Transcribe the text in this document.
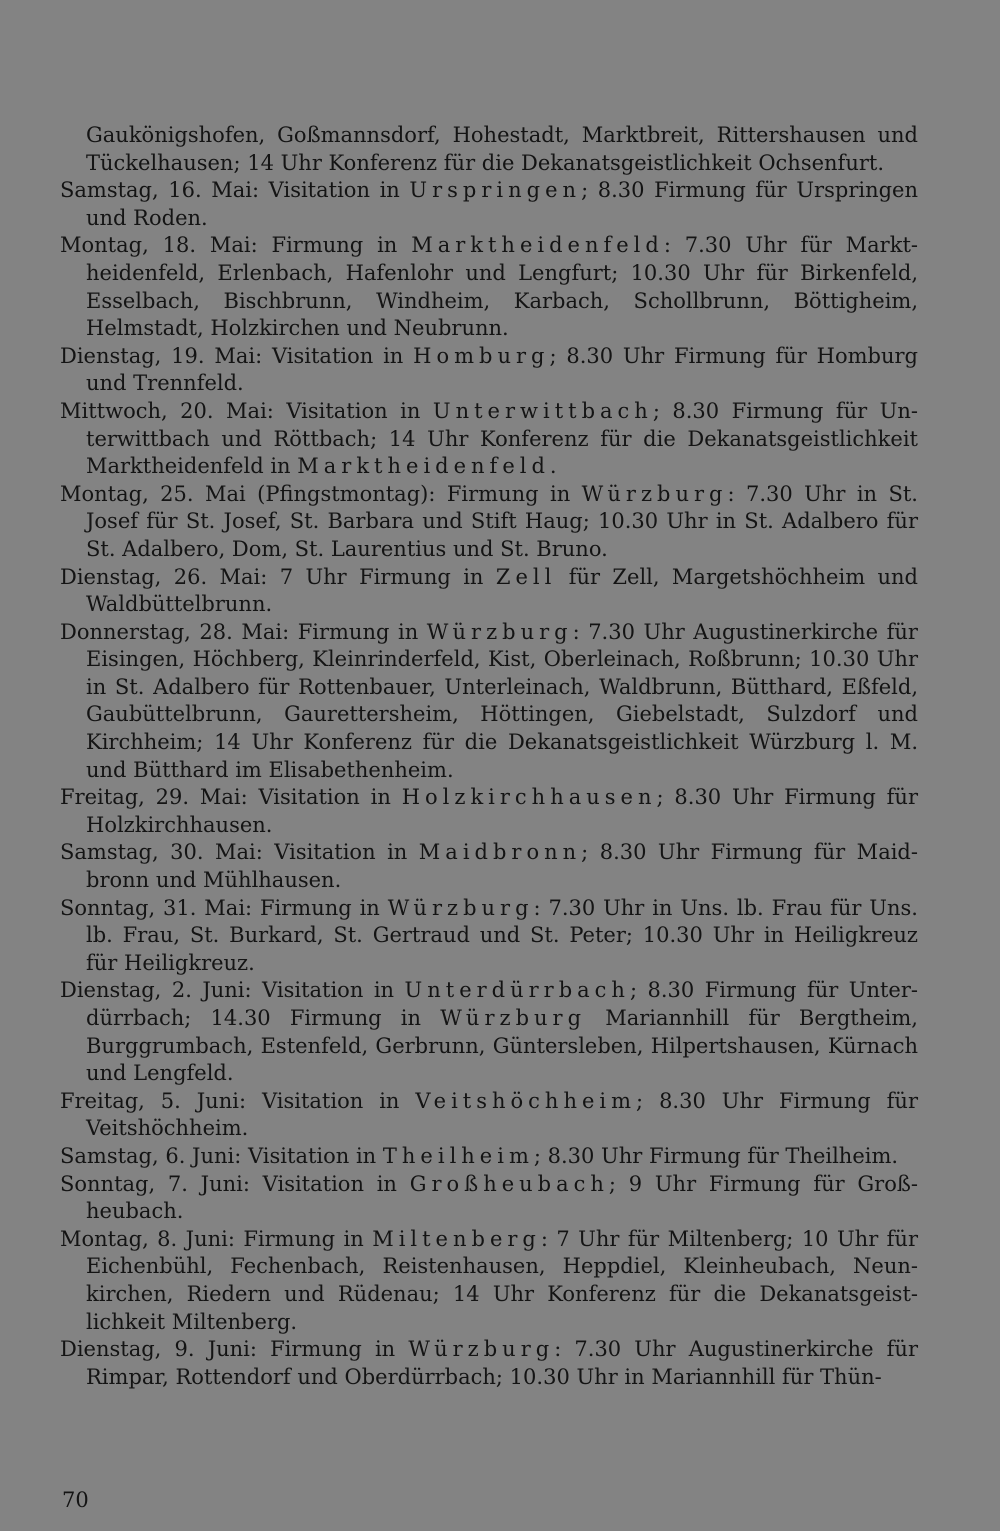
Gaukönigshofen, Goßmannsdorf, Hohestadt, Marktbreit, Rittershausen und Tückelhausen; 14 Uhr Konferenz für die Dekanatsgeistlichkeit Ochsenfurt.

Samstag, 16. Mai: Visitation in Urspringen; 8.30 Firmung für Urspringen und Roden.

Montag, 18. Mai: Firmung in Marktheidenfeld: 7.30 Uhr für Marktheidenfeld, Erlenbach, Hafenlohr und Lengfurt; 10.30 Uhr für Birkenfeld, Esselbach, Bischbrunn, Windheim, Karbach, Schollbrunn, Böttigheim, Helmstadt, Holzkirchen und Neubrunn.

Dienstag, 19. Mai: Visitation in Homburg; 8.30 Uhr Firmung für Homburg und Trennfeld.

Mittwoch, 20. Mai: Visitation in Unterwittbach; 8.30 Firmung für Unterwittbach und Röttbach; 14 Uhr Konferenz für die Dekanatsgeistlichkeit Marktheidenfeld in Marktheidenfeld.

Montag, 25. Mai (Pfingstmontag): Firmung in Würzburg: 7.30 Uhr in St. Josef für St. Josef, St. Barbara und Stift Haug; 10.30 Uhr in St. Adalbero für St. Adalbero, Dom, St. Laurentius und St. Bruno.

Dienstag, 26. Mai: 7 Uhr Firmung in Zell für Zell, Margetshöchheim und Waldbüttelbrunn.

Donnerstag, 28. Mai: Firmung in Würzburg: 7.30 Uhr Augustinerkirche für Eisingen, Höchberg, Kleinrinderfeld, Kist, Oberleinach, Roßbrunn; 10.30 Uhr in St. Adalbero für Rottenbauer, Unterleinach, Waldbrunn, Bütthard, Eßfeld, Gaubüttelbrunn, Gaurettersheim, Höttingen, Giebelstadt, Sulzdorf und Kirchheim; 14 Uhr Konferenz für die Dekanatsgeistlichkeit Würzburg l. M. und Bütthard im Elisabethenheim.

Freitag, 29. Mai: Visitation in Holzkirchhausen; 8.30 Uhr Firmung für Holzkirchhausen.

Samstag, 30. Mai: Visitation in Maidbronn; 8.30 Uhr Firmung für Maidbronn und Mühlhausen.

Sonntag, 31. Mai: Firmung in Würzburg: 7.30 Uhr in Uns. lb. Frau für Uns. lb. Frau, St. Burkard, St. Gertraud und St. Peter; 10.30 Uhr in Heiligkreuz für Heiligkreuz.

Dienstag, 2. Juni: Visitation in Unterdürrbach; 8.30 Firmung für Unterdürrbach; 14.30 Firmung in Würzburg Mariannhill für Bergtheim, Burggrumbach, Estenfeld, Gerbrunn, Güntersleben, Hilpertshausen, Kürnach und Lengfeld.

Freitag, 5. Juni: Visitation in Veitshöchheim; 8.30 Uhr Firmung für Veitshöchheim.

Samstag, 6. Juni: Visitation in Theilheim; 8.30 Uhr Firmung für Theilheim.

Sonntag, 7. Juni: Visitation in Großheubach; 9 Uhr Firmung für Großheubach.

Montag, 8. Juni: Firmung in Miltenberg: 7 Uhr für Miltenberg; 10 Uhr für Eichenbühl, Fechenbach, Reistenhausen, Heppdiel, Kleinheubach, Neunkirchen, Riedern und Rüdenau; 14 Uhr Konferenz für die Dekanatsgeistlichkeit Miltenberg.

Dienstag, 9. Juni: Firmung in Würzburg: 7.30 Uhr Augustinerkirche für Rimpar, Rottendorf und Oberdürrbach; 10.30 Uhr in Mariannhill für Thün-

70
